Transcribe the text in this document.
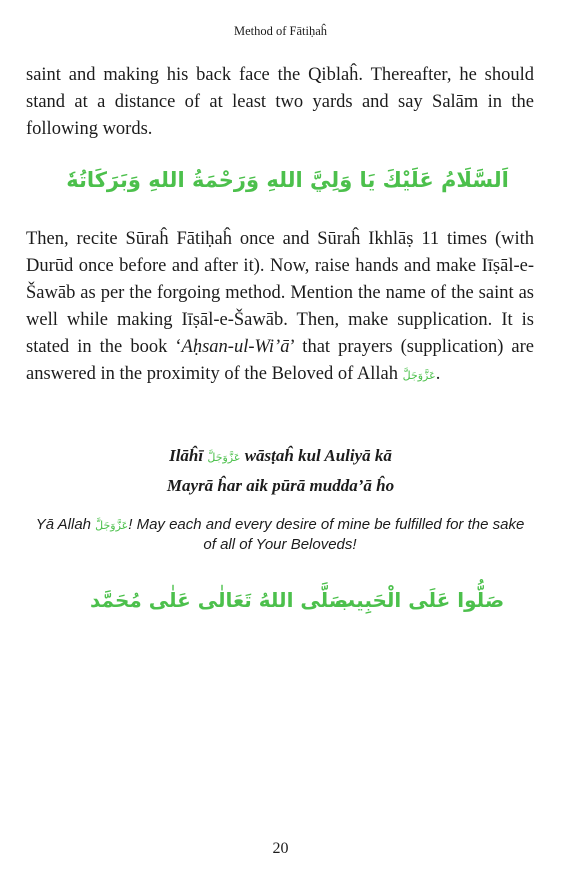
Method of Fātiḥaĥ

saint and making his back face the Qiblaĥ. Thereafter, he should stand at a distance of at least two yards and say Salām in the following words.

اَلسَّلَامُ عَلَيْكَ يَا وَلِيَّ اللهِ وَرَحْمَةُ اللهِ وَبَرَكَاتُهٗ

Then, recite Sūraĥ Fātiḥaĥ once and Sūraĥ Ikhlāṣ 11 times (with Durūd once before and after it). Now, raise hands and make Iīṣāl-e-Šawāb as per the forgoing method. Mention the name of the saint as well while making Iīṣāl-e-Šawāb. Then, make supplication. It is stated in the book ‘Aḥsan-ul-Wi’ā’ that prayers (supplication) are answered in the proximity of the Beloved of Allah عَزَّوَجَلَّ.

Ilāĥī عَزَّوَجَلَّ wāsṭaĥ kul Auliyā kā
Mayrā ĥar aik pūrā mudda’ā ĥo
Yā Allah عَزَّوَجَلَّ! May each and every desire of mine be fulfilled for the sake of all of Your Beloveds!
صَلَّى اللهُ تَعَالٰى عَلٰى مُحَمَّد
صَلُّوا عَلَى الْحَبِيب
20
